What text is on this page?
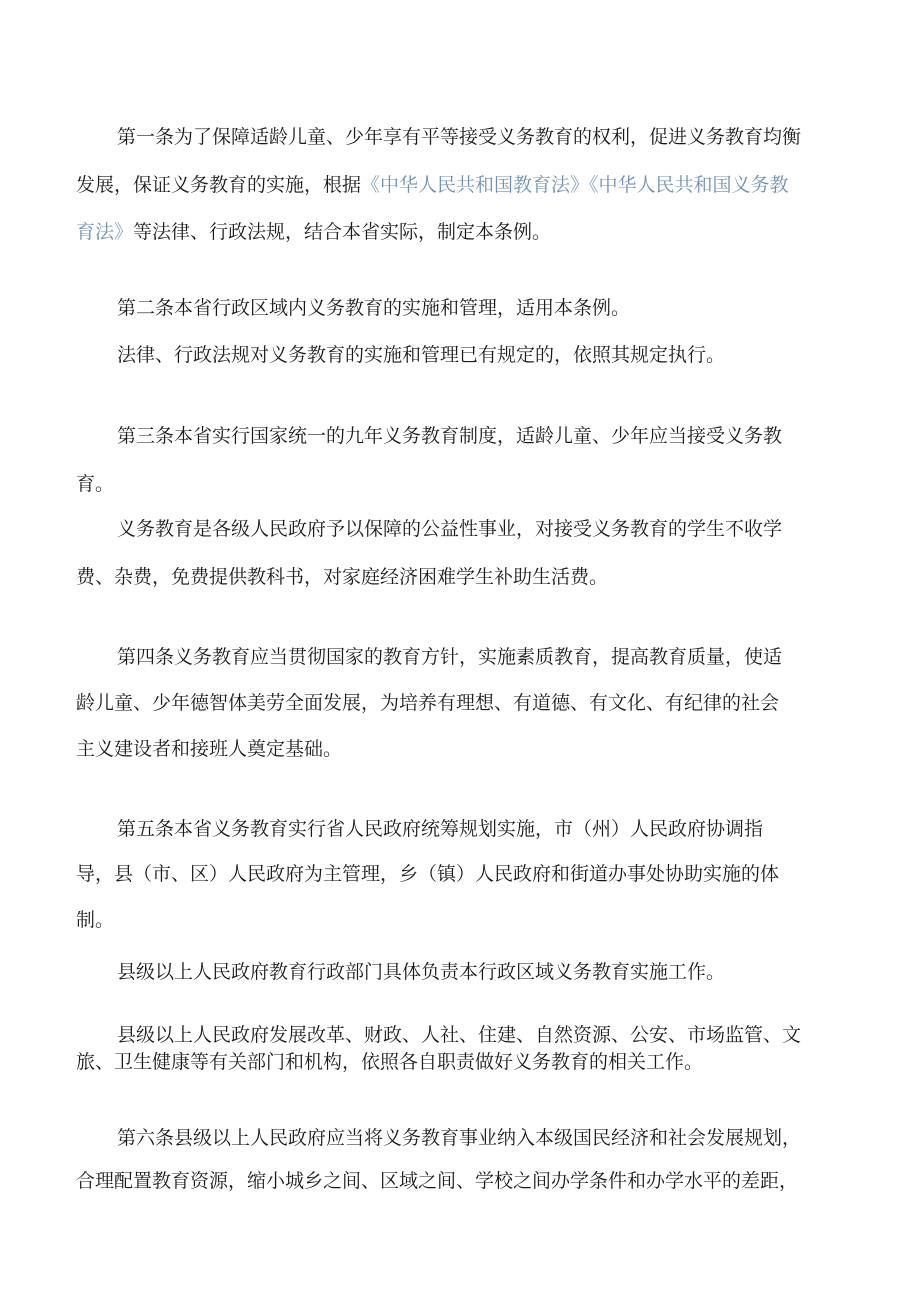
第一条为了保障适龄儿童、少年享有平等接受义务教育的权利，促进义务教育均衡

发展，保证义务教育的实施，根据《中华人民共和国教育法》《中华人民共和国义务教

育法》等法律、行政法规，结合本省实际，制定本条例。

第二条本省行政区域内义务教育的实施和管理，适用本条例。

法律、行政法规对义务教育的实施和管理已有规定的，依照其规定执行。

第三条本省实行国家统一的九年义务教育制度，适龄儿童、少年应当接受义务教

育。

义务教育是各级人民政府予以保障的公益性事业，对接受义务教育的学生不收学

费、杂费，免费提供教科书，对家庭经济困难学生补助生活费。

第四条义务教育应当贯彻国家的教育方针，实施素质教育，提高教育质量，使适

龄儿童、少年德智体美劳全面发展，为培养有理想、有道德、有文化、有纪律的社会

主义建设者和接班人奠定基础。

第五条本省义务教育实行省人民政府统筹规划实施，市（州）人民政府协调指

导，县（市、区）人民政府为主管理，乡（镇）人民政府和街道办事处协助实施的体

制。

县级以上人民政府教育行政部门具体负责本行政区域义务教育实施工作。

县级以上人民政府发展改革、财政、人社、住建、自然资源、公安、市场监管、文

旅、卫生健康等有关部门和机构，依照各自职责做好义务教育的相关工作。

第六条县级以上人民政府应当将义务教育事业纳入本级国民经济和社会发展规划，

合理配置教育资源，缩小城乡之间、区域之间、学校之间办学条件和办学水平的差距，
